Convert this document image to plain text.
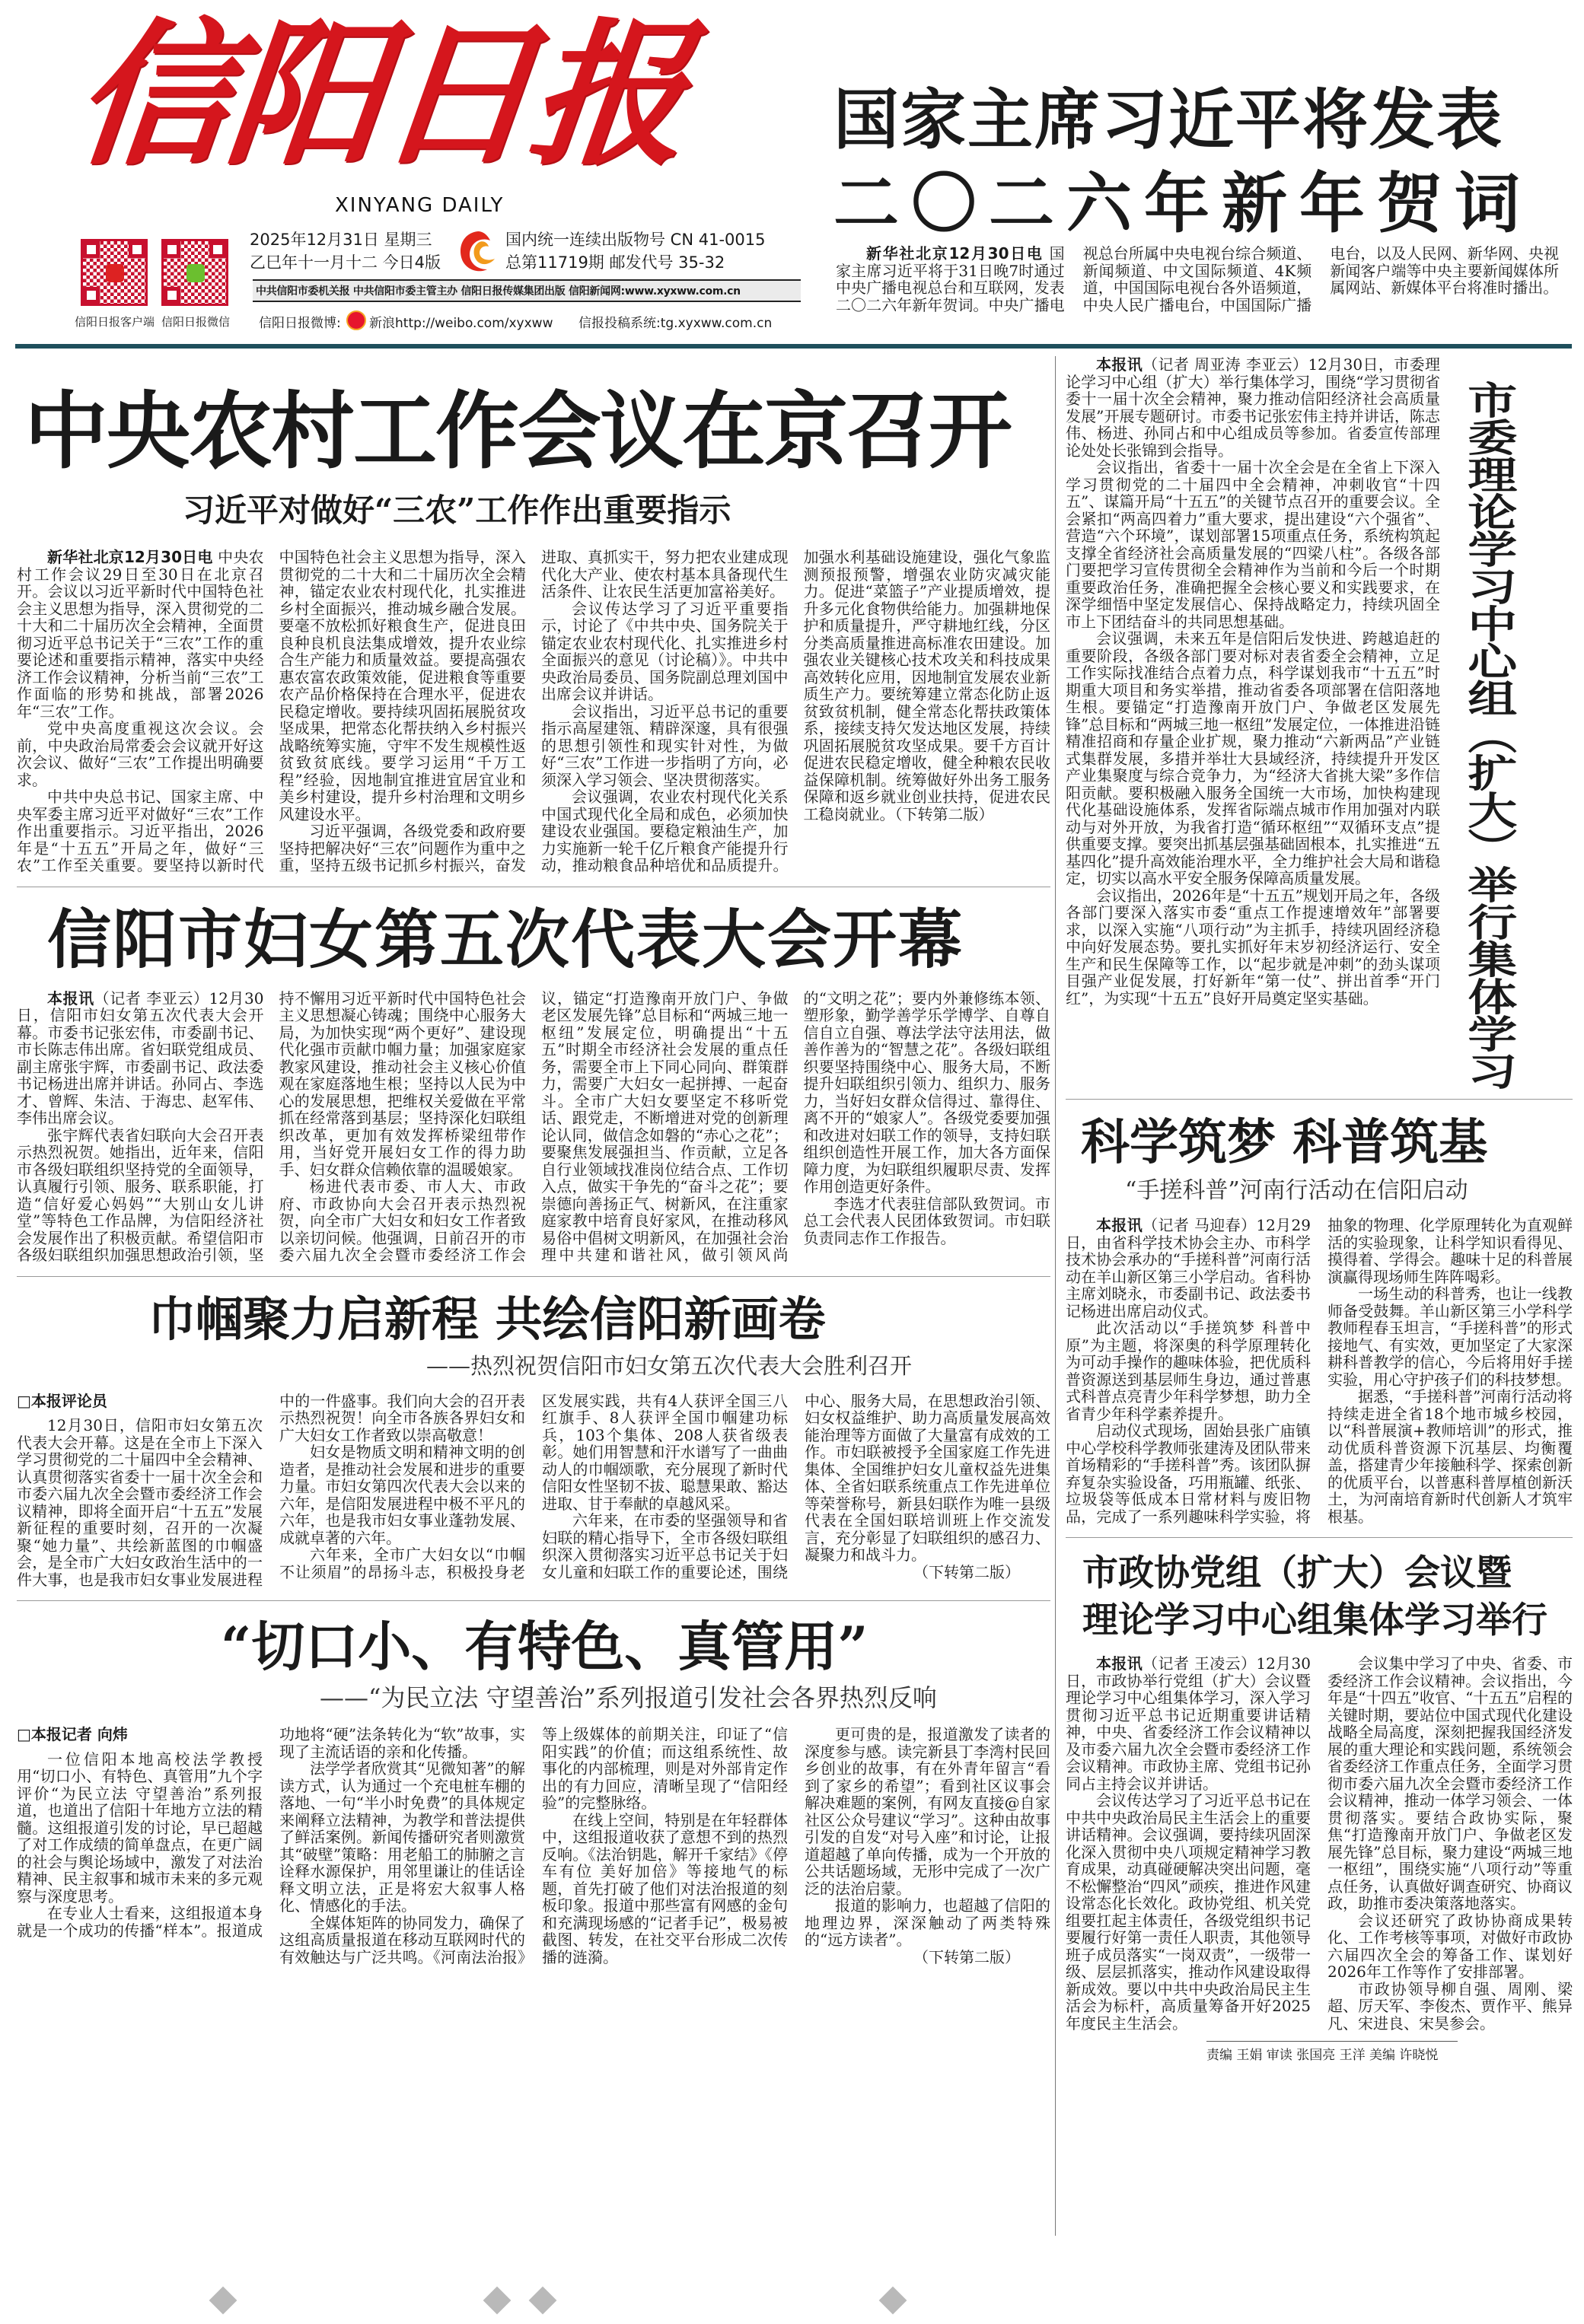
信阳日报
XINYANG DAILY
信阳日报客户端 信阳日报微信
2025年12月31日 星期三
乙巳年十一月十二 今日4版
国内统一连续出版物号 CN 41-0015
总第11719期 邮发代号 35-32
中共信阳市委机关报 中共信阳市委主管主办 信阳日报传媒集团出版 信阳新闻网:www.xyxww.com.cn
信阳日报微博: 新浪http://weibo.com/xyxww 信报投稿系统:tg.xyxww.com.cn
国家主席习近平将发表
二〇二六年新年贺词

新华社北京12月30日电 国家主席习近平将于31日晚7时通过中央广播电视总台和互联网，发表二〇二六年新年贺词。中央广播电视总台所属中央电视台综合频道、新闻频道、中文国际频道、4K频道，中国国际电视台各外语频道，中央人民广播电台，中国国际广播电台，以及人民网、新华网、央视新闻客户端等中央主要新闻媒体所属网站、新媒体平台将准时播出。

中央农村工作会议在京召开
习近平对做好“三农”工作作出重要指示

新华社北京12月30日电 中央农村工作会议29日至30日在北京召开。会议以习近平新时代中国特色社会主义思想为指导，深入贯彻党的二十大和二十届历次全会精神，全面贯彻习近平总书记关于“三农”工作的重要论述和重要指示精神，落实中央经济工作会议精神，分析当前“三农”工作面临的形势和挑战，部署2026年“三农”工作。

党中央高度重视这次会议。会前，中央政治局常委会会议就开好这次会议、做好“三农”工作提出明确要求。

中共中央总书记、国家主席、中央军委主席习近平对做好“三农”工作作出重要指示。习近平指出，2026年是“十五五”开局之年，做好“三农”工作至关重要。要坚持以新时代中国特色社会主义思想为指导，深入贯彻党的二十大和二十届历次全会精神，锚定农业农村现代化，扎实推进乡村全面振兴，推动城乡融合发展。要毫不放松抓好粮食生产，促进良田良种良机良法集成增效，提升农业综合生产能力和质量效益。要提高强农惠农富农政策效能，促进粮食等重要农产品价格保持在合理水平，促进农民稳定增收。要持续巩固拓展脱贫攻坚成果，把常态化帮扶纳入乡村振兴战略统筹实施，守牢不发生规模性返贫致贫底线。要学习运用“千万工程”经验，因地制宜推进宜居宜业和美乡村建设，提升乡村治理和文明乡风建设水平。

习近平强调，各级党委和政府要坚持把解决好“三农”问题作为重中之重，坚持五级书记抓乡村振兴，奋发进取、真抓实干，努力把农业建成现代化大产业、使农村基本具备现代生活条件、让农民生活更加富裕美好。

会议传达学习了习近平重要指示，讨论了《中共中央、国务院关于锚定农业农村现代化、扎实推进乡村全面振兴的意见（讨论稿）》。中共中央政治局委员、国务院副总理刘国中出席会议并讲话。

会议指出，习近平总书记的重要指示高屋建瓴、精辟深邃，具有很强的思想引领性和现实针对性，为做好“三农”工作进一步指明了方向，必须深入学习领会、坚决贯彻落实。

会议强调，农业农村现代化关系中国式现代化全局和成色，必须加快建设农业强国。要稳定粮油生产，加力实施新一轮千亿斤粮食产能提升行动，推动粮食品种培优和品质提升。加强水利基础设施建设，强化气象监测预报预警，增强农业防灾减灾能力。促进“菜篮子”产业提质增效，提升多元化食物供给能力。加强耕地保护和质量提升，严守耕地红线，分区分类高质量推进高标准农田建设。加强农业关键核心技术攻关和科技成果高效转化应用，因地制宜发展农业新质生产力。要统筹建立常态化防止返贫致贫机制，健全常态化帮扶政策体系，接续支持欠发达地区发展，持续巩固拓展脱贫攻坚成果。要千方百计促进农民稳定增收，健全种粮农民收益保障机制。统筹做好外出务工服务保障和返乡就业创业扶持，促进农民工稳岗就业。（下转第二版）

信阳市妇女第五次代表大会开幕

本报讯（记者 李亚云）12月30日，信阳市妇女第五次代表大会开幕。市委书记张宏伟，市委副书记、市长陈志伟出席。省妇联党组成员、副主席张宇辉，市委副书记、政法委书记杨进出席并讲话。孙同占、李选才、曾辉、朱洁、于海忠、赵军伟、李伟出席会议。

张宇辉代表省妇联向大会召开表示热烈祝贺。她指出，近年来，信阳市各级妇联组织坚持党的全面领导，认真履行引领、服务、联系职能，打造“信好爱心妈妈”“大别山女儿讲堂”等特色工作品牌，为信阳经济社会发展作出了积极贡献。希望信阳市各级妇联组织加强思想政治引领，坚持不懈用习近平新时代中国特色社会主义思想凝心铸魂；围绕中心服务大局，为加快实现“两个更好”、建设现代化强市贡献巾帼力量；加强家庭家教家风建设，推动社会主义核心价值观在家庭落地生根；坚持以人民为中心的发展思想，把维权关爱做在平常抓在经常落到基层；坚持深化妇联组织改革，更加有效发挥桥梁纽带作用，当好党开展妇女工作的得力助手、妇女群众信赖依靠的温暖娘家。

杨进代表市委、市人大、市政府、市政协向大会召开表示热烈祝贺，向全市广大妇女和妇女工作者致以亲切问候。他强调，日前召开的市委六届九次全会暨市委经济工作会议，锚定“打造豫南开放门户、争做老区发展先锋”总目标和“两城三地一枢纽”发展定位，明确提出“十五五”时期全市经济社会发展的重点任务，需要全市上下同心同向、群策群力，需要广大妇女一起拼搏、一起奋斗。全市广大妇女要坚定不移听党话、跟党走，不断增进对党的创新理论认同，做信念如磐的“赤心之花”；要聚焦发展强担当、作贡献，立足各自行业领域找准岗位结合点、工作切入点，做实干争先的“奋斗之花”；要崇德向善扬正气、树新风，在注重家庭家教中培育良好家风，在推动移风易俗中倡树文明新风，在加强社会治理中共建和谐社风，做引领风尚的“文明之花”；要内外兼修练本领、塑形象，勤学善学乐学博学、自尊自信自立自强、尊法学法守法用法，做善作善为的“智慧之花”。各级妇联组织要坚持围绕中心、服务大局，不断提升妇联组织引领力、组织力、服务力，当好妇女群众信得过、靠得住、离不开的“娘家人”。各级党委要加强和改进对妇联工作的领导，支持妇联组织创造性开展工作，加大各方面保障力度，为妇联组织履职尽责、发挥作用创造更好条件。

李选才代表驻信部队致贺词。市总工会代表人民团体致贺词。市妇联负责同志作工作报告。

巾帼聚力启新程 共绘信阳新画卷
——热烈祝贺信阳市妇女第五次代表大会胜利召开

□本报评论员

12月30日，信阳市妇女第五次代表大会开幕。这是在全市上下深入学习贯彻党的二十届四中全会精神、认真贯彻落实省委十一届十次全会和市委六届九次全会暨市委经济工作会议精神，即将全面开启“十五五”发展新征程的重要时刻，召开的一次凝聚“她力量”、共绘新蓝图的巾帼盛会，是全市广大妇女政治生活中的一件大事，也是我市妇女事业发展进程中的一件盛事。我们向大会的召开表示热烈祝贺！向全市各族各界妇女和广大妇女工作者致以崇高敬意！

妇女是物质文明和精神文明的创造者，是推动社会发展和进步的重要力量。市妇女第四次代表大会以来的六年，是信阳发展进程中极不平凡的六年，也是我市妇女事业蓬勃发展、成就卓著的六年。

六年来，全市广大妇女以“巾帼不让须眉”的昂扬斗志，积极投身老区发展实践，共有4人获评全国三八红旗手、8人获评全国巾帼建功标兵，103个集体、208人获省级表彰。她们用智慧和汗水谱写了一曲曲动人的巾帼颂歌，充分展现了新时代信阳女性坚韧不拔、聪慧果敢、豁达进取、甘于奉献的卓越风采。

六年来，在市委的坚强领导和省妇联的精心指导下，全市各级妇联组织深入贯彻落实习近平总书记关于妇女儿童和妇联工作的重要论述，围绕中心、服务大局，在思想政治引领、妇女权益维护、助力高质量发展高效能治理等方面做了大量富有成效的工作。市妇联被授予全国家庭工作先进集体、全国维护妇女儿童权益先进集体、全省妇联系统重点工作先进单位等荣誉称号，新县妇联作为唯一县级代表在全国妇联培训班上作交流发言，充分彰显了妇联组织的感召力、凝聚力和战斗力。

（下转第二版）

“切口小、有特色、真管用”
——“为民立法 守望善治”系列报道引发社会各界热烈反响

□本报记者 向炜

一位信阳本地高校法学教授用“切口小、有特色、真管用”九个字评价“为民立法 守望善治”系列报道，也道出了信阳十年地方立法的精髓。这组报道引发的讨论，早已超越了对工作成绩的简单盘点，在更广阔的社会与舆论场域中，激发了对法治精神、民主叙事和城市未来的多元观察与深度思考。

在专业人士看来，这组报道本身就是一个成功的传播“样本”。报道成功地将“硬”法条转化为“软”故事，实现了主流话语的亲和化传播。

法学学者欣赏其“见微知著”的解读方式，认为通过一个充电桩车棚的落地、一句“半小时免费”的具体规定来阐释立法精神，为教学和普法提供了鲜活案例。新闻传播研究者则激赏其“破壁”策略：用老船工的肺腑之言诠释水源保护，用邻里谦让的佳话诠释文明立法，正是将宏大叙事人格化、情感化的手法。

全媒体矩阵的协同发力，确保了这组高质量报道在移动互联网时代的有效触达与广泛共鸣。《河南法治报》等上级媒体的前期关注，印证了“信阳实践”的价值；而这组系统性、故事化的内部梳理，则是对外部肯定作出的有力回应，清晰呈现了“信阳经验”的完整脉络。

在线上空间，特别是在年轻群体中，这组报道收获了意想不到的热烈反响。《法治钥匙，解开千家结》《停车有位 美好加倍》等接地气的标题，首先打破了他们对法治报道的刻板印象。报道中那些富有网感的金句和充满现场感的“记者手记”，极易被截图、转发，在社交平台形成二次传播的涟漪。

更可贵的是，报道激发了读者的深度参与感。读完新县丁李湾村民回乡创业的故事，有在外青年留言“看到了家乡的希望”；看到社区议事会解决难题的案例，有网友直接@自家社区公众号建议“学习”。这种由故事引发的自发“对号入座”和讨论，让报道超越了单向传播，成为一个开放的公共话题场域，无形中完成了一次广泛的法治启蒙。

报道的影响力，也超越了信阳的地理边界，深深触动了两类特殊的“远方读者”。

（下转第二版）

本报讯（记者 周亚涛 李亚云）12月30日，市委理论学习中心组（扩大）举行集体学习，围绕“学习贯彻省委十一届十次全会精神，聚力推动信阳经济社会高质量发展”开展专题研讨。市委书记张宏伟主持并讲话，陈志伟、杨进、孙同占和中心组成员等参加。省委宣传部理论处处长张锦到会指导。

会议指出，省委十一届十次全会是在全省上下深入学习贯彻党的二十届四中全会精神，冲刺收官“十四五”、谋篇开局“十五五”的关键节点召开的重要会议。全会紧扣“两高四着力”重大要求，提出建设“六个强省”、营造“六个环境”，谋划部署15项重点任务，系统构筑起支撑全省经济社会高质量发展的“四梁八柱”。各级各部门要把学习宣传贯彻全会精神作为当前和今后一个时期重要政治任务，准确把握全会核心要义和实践要求，在深学细悟中坚定发展信心、保持战略定力，持续巩固全市上下团结奋斗的共同思想基础。

会议强调，未来五年是信阳后发快进、跨越追赶的重要阶段，各级各部门要对标对表省委全会精神，立足工作实际找准结合点着力点，科学谋划我市“十五五”时期重大项目和务实举措，推动省委各项部署在信阳落地生根。要锚定“打造豫南开放门户、争做老区发展先锋”总目标和“两城三地一枢纽”发展定位，一体推进沿链精准招商和存量企业扩规，聚力推动“六新两品”产业链式集群发展，多措并举壮大县域经济，持续提升开发区产业集聚度与综合竞争力，为“经济大省挑大梁”多作信阳贡献。要积极融入服务全国统一大市场，加快构建现代化基础设施体系，发挥省际端点城市作用加强对内联动与对外开放，为我省打造“循环枢纽”“双循环支点”提供重要支撑。要突出抓基层强基础固根本，扎实推进“五基四化”提升高效能治理水平，全力维护社会大局和谐稳定，切实以高水平安全服务保障高质量发展。

会议指出，2026年是“十五五”规划开局之年，各级各部门要深入落实市委“重点工作提速增效年”部署要求，以深入实施“八项行动”为主抓手，持续巩固经济稳中向好发展态势。要扎实抓好年末岁初经济运行、安全生产和民生保障等工作，以“起步就是冲刺”的劲头谋项目强产业促发展，打好新年“第一仗”、拼出首季“开门红”，为实现“十五五”良好开局奠定坚实基础。	市委理论学习中心组（扩大）举行集体学习
科学筑梦 科普筑基
“手搓科普”河南行活动在信阳启动

本报讯（记者 马迎春）12月29日，由省科学技术协会主办、市科学技术协会承办的“手搓科普”河南行活动在羊山新区第三小学启动。省科协主席刘晓永，市委副书记、政法委书记杨进出席启动仪式。

此次活动以“手搓筑梦 科普中原”为主题，将深奥的科学原理转化为可动手操作的趣味体验，把优质科普资源送到基层师生身边，通过普惠式科普点亮青少年科学梦想，助力全省青少年科学素养提升。

启动仪式现场，固始县张广庙镇中心学校科学教师张建涛及团队带来首场精彩的“手搓科普”秀。该团队摒弃复杂实验设备，巧用瓶罐、纸张、垃圾袋等低成本日常材料与废旧物品，完成了一系列趣味科学实验，将抽象的物理、化学原理转化为直观鲜活的实验现象，让科学知识看得见、摸得着、学得会。趣味十足的科普展演赢得现场师生阵阵喝彩。

一场生动的科普秀，也让一线教师备受鼓舞。羊山新区第三小学科学教师程春玉坦言，“手搓科普”的形式接地气、有实效，更加坚定了大家深耕科普教学的信心，今后将用好手搓实验，用心守护孩子们的科技梦想。

据悉，“手搓科普”河南行活动将持续走进全省18个地市城乡校园，以“科普展演+教师培训”的形式，推动优质科普资源下沉基层、均衡覆盖，搭建青少年接触科学、探索创新的优质平台，以普惠科普厚植创新沃土，为河南培育新时代创新人才筑牢根基。

市政协党组（扩大）会议暨
理论学习中心组集体学习举行

本报讯（记者 王凌云）12月30日，市政协举行党组（扩大）会议暨理论学习中心组集体学习，深入学习贯彻习近平总书记近期重要讲话精神，中央、省委经济工作会议精神以及市委六届九次全会暨市委经济工作会议精神。市政协主席、党组书记孙同占主持会议并讲话。

会议传达学习了习近平总书记在中共中央政治局民主生活会上的重要讲话精神。会议强调，要持续巩固深化深入贯彻中央八项规定精神学习教育成果，动真碰硬解决突出问题，毫不松懈整治“四风”顽疾，推进作风建设常态化长效化。政协党组、机关党组要扛起主体责任，各级党组织书记要履行好第一责任人职责，其他领导班子成员落实“一岗双责”，一级带一级、层层抓落实，推动作风建设取得新成效。要以中共中央政治局民主生活会为标杆，高质量筹备开好2025年度民主生活会。

会议集中学习了中央、省委、市委经济工作会议精神。会议指出，今年是“十四五”收官、“十五五”启程的关键时期，要站位中国式现代化建设战略全局高度，深刻把握我国经济发展的重大理论和实践问题，系统领会省委经济工作重点任务，全面学习贯彻市委六届九次全会暨市委经济工作会议精神，推动一体学习领会、一体贯彻落实。要结合政协实际，聚焦“打造豫南开放门户、争做老区发展先锋”总目标，聚力建设“两城三地一枢纽”，围绕实施“八项行动”等重点任务，认真做好调查研究、协商议政，助推市委决策落地落实。

会议还研究了政协协商成果转化、工作考核等事项，对做好市政协六届四次全会的筹备工作、谋划好2026年工作等作了安排部署。

市政协领导柳自强、周刚、梁超、厉天军、李俊杰、贾作平、熊异凡、宋进良、宋昊参会。

责编 王娟 审读 张国亮 王洋 美编 许晓悦
